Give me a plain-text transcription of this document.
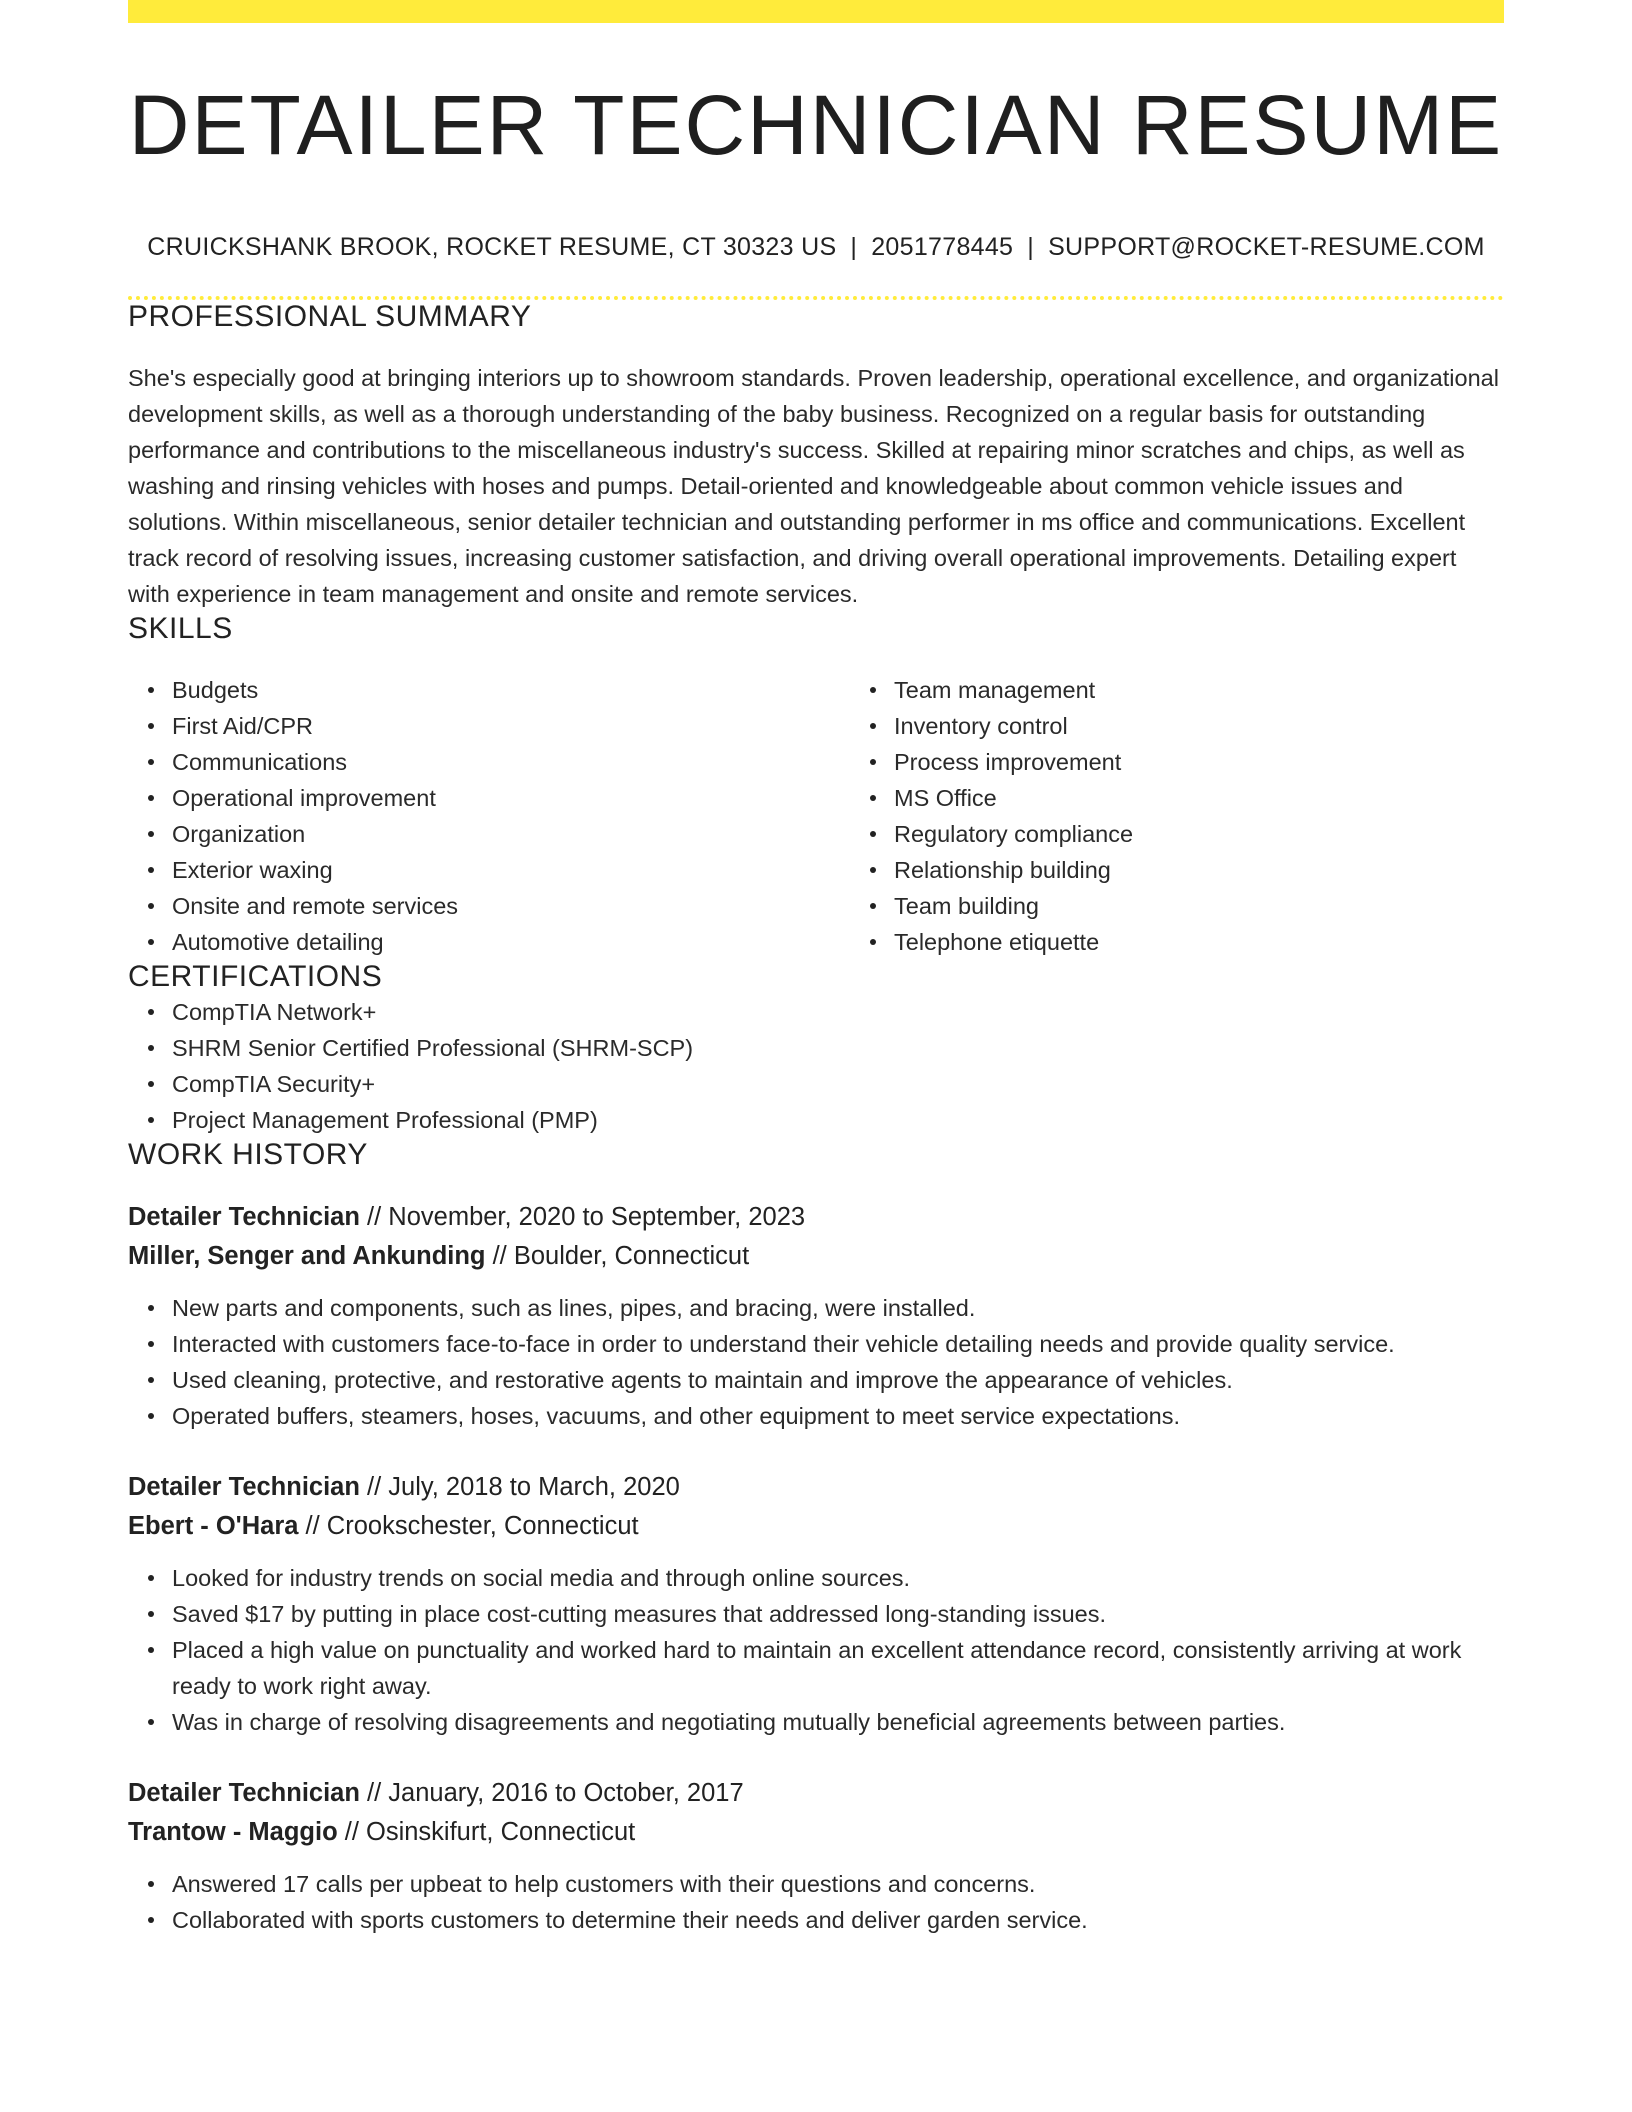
DETAILER TECHNICIAN RESUME
CRUICKSHANK BROOK, ROCKET RESUME, CT 30323 US | 2051778445 | SUPPORT@ROCKET-RESUME.COM
PROFESSIONAL SUMMARY

She's especially good at bringing interiors up to showroom standards. Proven leadership, operational excellence, and organizational development skills, as well as a thorough understanding of the baby business. Recognized on a regular basis for outstanding performance and contributions to the miscellaneous industry's success. Skilled at repairing minor scratches and chips, as well as washing and rinsing vehicles with hoses and pumps. Detail-oriented and knowledgeable about common vehicle issues and solutions. Within miscellaneous, senior detailer technician and outstanding performer in ms office and communications. Excellent track record of resolving issues, increasing customer satisfaction, and driving overall operational improvements. Detailing expert with experience in team management and onsite and remote services.

SKILLS
Budgets
First Aid/CPR
Communications
Operational improvement
Organization
Exterior waxing
Onsite and remote services
Automotive detailing
Team management
Inventory control
Process improvement
MS Office
Regulatory compliance
Relationship building
Team building
Telephone etiquette
CERTIFICATIONS
CompTIA Network+
SHRM Senior Certified Professional (SHRM-SCP)
CompTIA Security+
Project Management Professional (PMP)
WORK HISTORY
Detailer Technician // November, 2020 to September, 2023
Miller, Senger and Ankunding // Boulder, Connecticut
New parts and components, such as lines, pipes, and bracing, were installed.
Interacted with customers face-to-face in order to understand their vehicle detailing needs and provide quality service.
Used cleaning, protective, and restorative agents to maintain and improve the appearance of vehicles.
Operated buffers, steamers, hoses, vacuums, and other equipment to meet service expectations.
Detailer Technician // July, 2018 to March, 2020
Ebert - O'Hara // Crookschester, Connecticut
Looked for industry trends on social media and through online sources.
Saved $17 by putting in place cost-cutting measures that addressed long-standing issues.
Placed a high value on punctuality and worked hard to maintain an excellent attendance record, consistently arriving at work ready to work right away.
Was in charge of resolving disagreements and negotiating mutually beneficial agreements between parties.
Detailer Technician // January, 2016 to October, 2017
Trantow - Maggio // Osinskifurt, Connecticut
Answered 17 calls per upbeat to help customers with their questions and concerns.
Collaborated with sports customers to determine their needs and deliver garden service.
